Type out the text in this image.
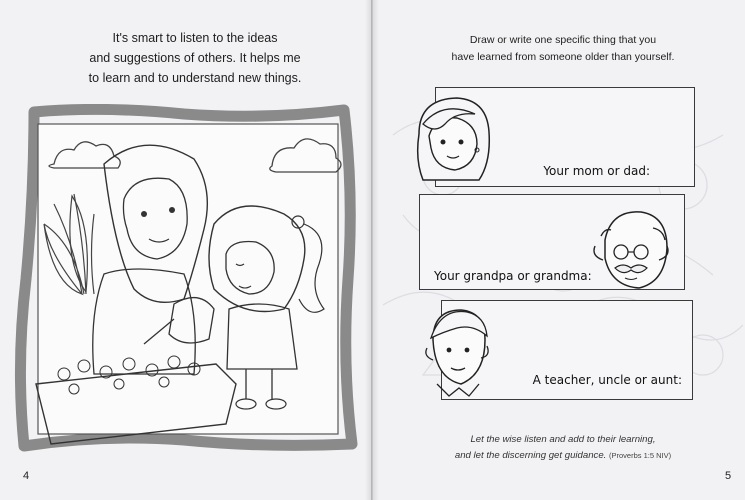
It's smart to listen to the ideas
and suggestions of others. It helps me
to learn and to understand new things.
4
Draw or write one specific thing that you
have learned from someone older than yourself.
Your mom or dad:
Your grandpa or grandma:
A teacher, uncle or aunt:
Let the wise listen and add to their learning,
and let the discerning get guidance. (Proverbs 1:5 NIV)
5
